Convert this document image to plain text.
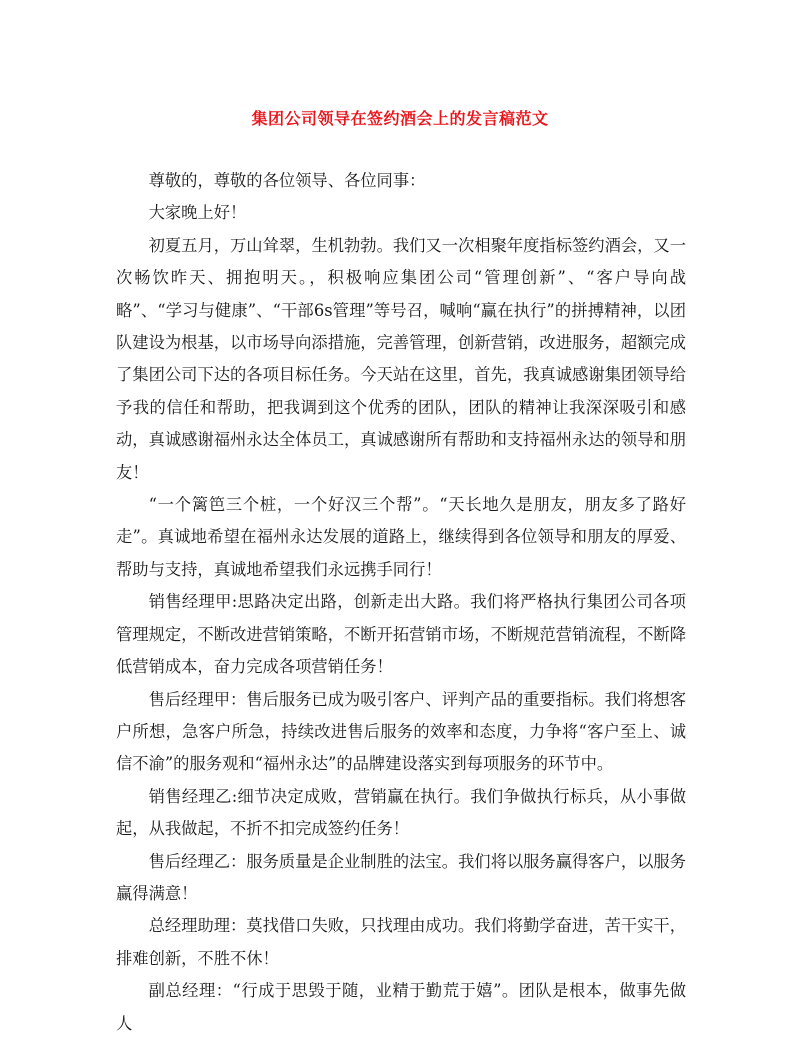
集团公司领导在签约酒会上的发言稿范文

尊敬的，尊敬的各位领导、各位同事：

大家晚上好！

初夏五月，万山耸翠，生机勃勃。我们又一次相聚年度指标签约酒会，又一次畅饮昨天、拥抱明天。，积极响应集团公司“管理创新”、“客户导向战略”、“学习与健康”、“干部6s管理”等号召，喊响“赢在执行”的拼搏精神，以团队建设为根基，以市场导向添措施，完善管理，创新营销，改进服务，超额完成了集团公司下达的各项目标任务。今天站在这里，首先，我真诚感谢集团领导给予我的信任和帮助，把我调到这个优秀的团队，团队的精神让我深深吸引和感动，真诚感谢福州永达全体员工，真诚感谢所有帮助和支持福州永达的领导和朋友！

“一个篱笆三个桩，一个好汉三个帮”。“天长地久是朋友，朋友多了路好走”。真诚地希望在福州永达发展的道路上，继续得到各位领导和朋友的厚爱、帮助与支持，真诚地希望我们永远携手同行！

销售经理甲:思路决定出路，创新走出大路。我们将严格执行集团公司各项管理规定，不断改进营销策略，不断开拓营销市场，不断规范营销流程，不断降低营销成本，奋力完成各项营销任务！

售后经理甲：售后服务已成为吸引客户、评判产品的重要指标。我们将想客户所想，急客户所急，持续改进售后服务的效率和态度，力争将“客户至上、诚信不渝”的服务观和“福州永达”的品牌建设落实到每项服务的环节中。

销售经理乙:细节决定成败，营销赢在执行。我们争做执行标兵，从小事做起，从我做起，不折不扣完成签约任务！

售后经理乙：服务质量是企业制胜的法宝。我们将以服务赢得客户，以服务赢得满意！

总经理助理：莫找借口失败，只找理由成功。我们将勤学奋进，苦干实干，排难创新，不胜不休！

副总经理：“行成于思毁于随，业精于勤荒于嬉”。团队是根本，做事先做人
